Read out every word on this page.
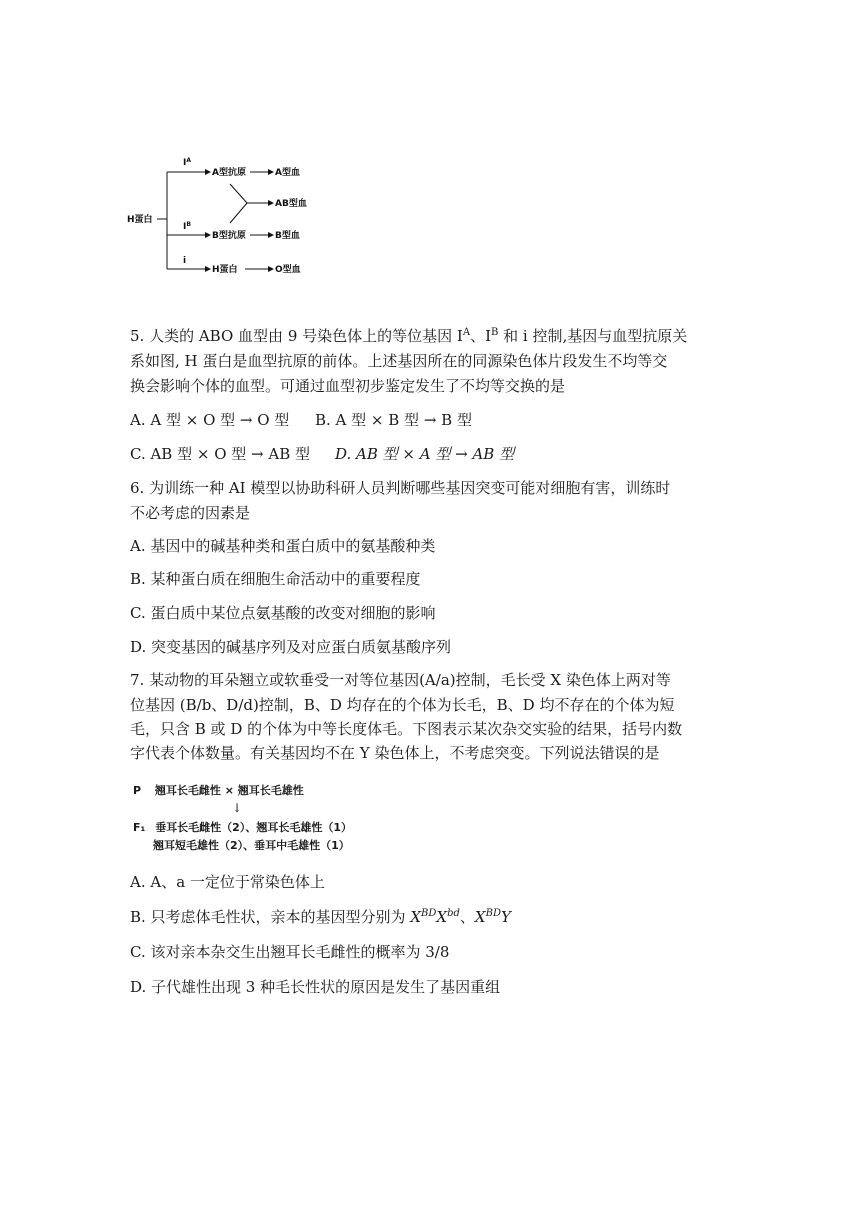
H蛋白
$I^A$
A型抗原	A型血
AB型血
$I^B$
B型抗原	B型血
i
H蛋白	O型血
5. 人类的 ABO 血型由 9 号染色体上的等位基因 $I^A$、$I^B$ 和 i 控制,基因与血型抗原关
系如图, H 蛋白是血型抗原的前体。上述基因所在的同源染色体片段发生不均等交
换会影响个体的血型。可通过血型初步鉴定发生了不均等交换的是
A. A 型 × O 型 → O 型 B. A 型 × B 型 → B 型
C. AB 型 × O 型 → AB 型 D. AB 型 × A 型 → AB 型
6. 为训练一种 AI 模型以协助科研人员判断哪些基因突变可能对细胞有害，训练时
不必考虑的因素是
A. 基因中的碱基种类和蛋白质中的氨基酸种类
B. 某种蛋白质在细胞生命活动中的重要程度
C. 蛋白质中某位点氨基酸的改变对细胞的影响
D. 突变基因的碱基序列及对应蛋白质氨基酸序列
7. 某动物的耳朵翘立或软垂受一对等位基因(A/a)控制，毛长受 X 染色体上两对等
位基因 (B/b、D/d)控制，B、D 均存在的个体为长毛，B、D 均不存在的个体为短
毛，只含 B 或 D 的个体为中等长度体毛。下图表示某次杂交实验的结果，括号内数
字代表个体数量。有关基因均不在 Y 染色体上，不考虑突变。下列说法错误的是
P 翘耳长毛雌性 × 翘耳长毛雄性
↓
F₁ 垂耳长毛雌性（2）、翘耳长毛雄性（1）
翘耳短毛雄性（2）、垂耳中毛雄性（1）
A. A、a 一定位于常染色体上
B. 只考虑体毛性状，亲本的基因型分别为 $X^{BD}X^{bd}$、$X^{BD}Y$
C. 该对亲本杂交生出翘耳长毛雌性的概率为 3/8
D. 子代雄性出现 3 种毛长性状的原因是发生了基因重组
